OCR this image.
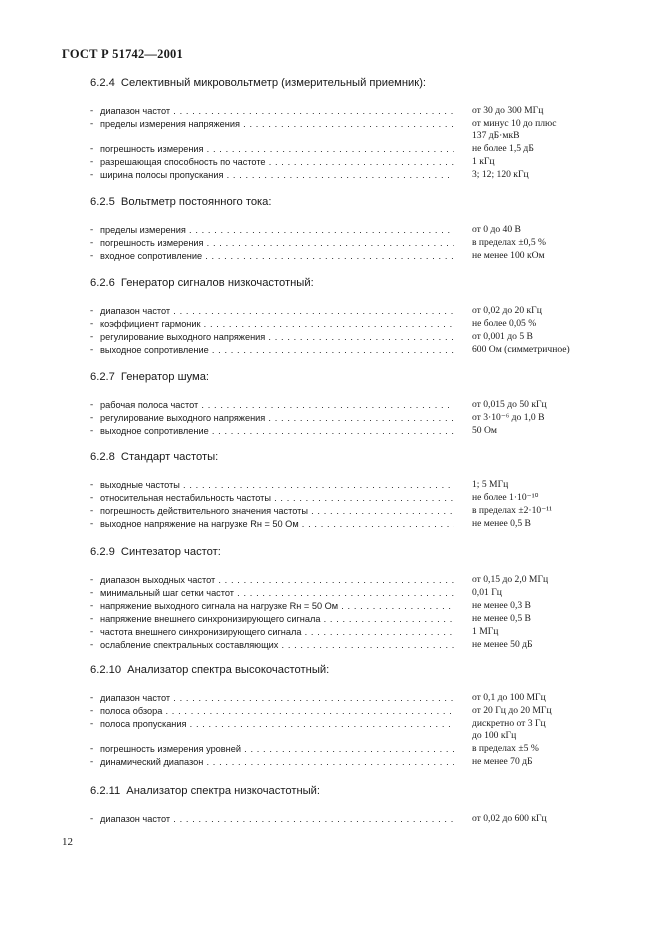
ГОСТ Р 51742—2001
6.2.4 Селективный микровольтметр (измерительный приемник):
- диапазон частот . . .	от 30 до 300 МГц
- пределы измерения напряжения . . .	от минус 10 до плюс
137 дБ·мкВ
- погрешность измерения . . .	не более 1,5 дБ
- разрешающая способность по частоте . . .	1 кГц
- ширина полосы пропускания . . .	3; 12; 120 кГц
6.2.5 Вольтметр постоянного тока:
- пределы измерения . . .	от 0 до 40 В
- погрешность измерения . . .	в пределах ±0,5 %
- входное сопротивление . . .	не менее 100 кОм
6.2.6 Генератор сигналов низкочастотный:
- диапазон частот . . .	от 0,02 до 20 кГц
- коэффициент гармоник . . .	не более 0,05 %
- регулирование выходного напряжения . . .	от 0,001 до 5 В
- выходное сопротивление . . .	600 Ом (симметричное)
6.2.7 Генератор шума:
- рабочая полоса частот . . .	от 0,015 до 50 кГц
- регулирование выходного напряжения . . .	от 3·10⁻⁶ до 1,0 В
- выходное сопротивление . . .	50 Ом
6.2.8 Стандарт частоты:
- выходные частоты . . .	1; 5 МГц
- относительная нестабильность частоты . . .	не более 1·10⁻¹⁰
- погрешность действительного значения частоты . . .	в пределах ±2·10⁻¹¹
- выходное напряжение на нагрузке Rн = 50 Ом . . .	не менее 0,5 В
6.2.9 Синтезатор частот:
- диапазон выходных частот . . .	от 0,15 до 2,0 МГц
- минимальный шаг сетки частот . . .	0,01 Гц
- напряжение выходного сигнала на нагрузке Rн = 50 Ом . . .	не менее 0,3 В
- напряжение внешнего синхронизирующего сигнала . . .	не менее 0,5 В
- частота внешнего синхронизирующего сигнала . . .	1 МГц
- ослабление спектральных составляющих . . .	не менее 50 дБ
6.2.10 Анализатор спектра высокочастотный:
- диапазон частот . . .	от 0,1 до 100 МГц
- полоса обзора . . .	от 20 Гц до 20 МГц
- полоса пропускания . . .	дискретно от 3 Гц
до 100 кГц
- погрешность измерения уровней . . .	в пределах ±5 %
- динамический диапазон . . .	не менее 70 дБ
6.2.11 Анализатор спектра низкочастотный:
- диапазон частот . . .	от 0,02 до 600 кГц
12
